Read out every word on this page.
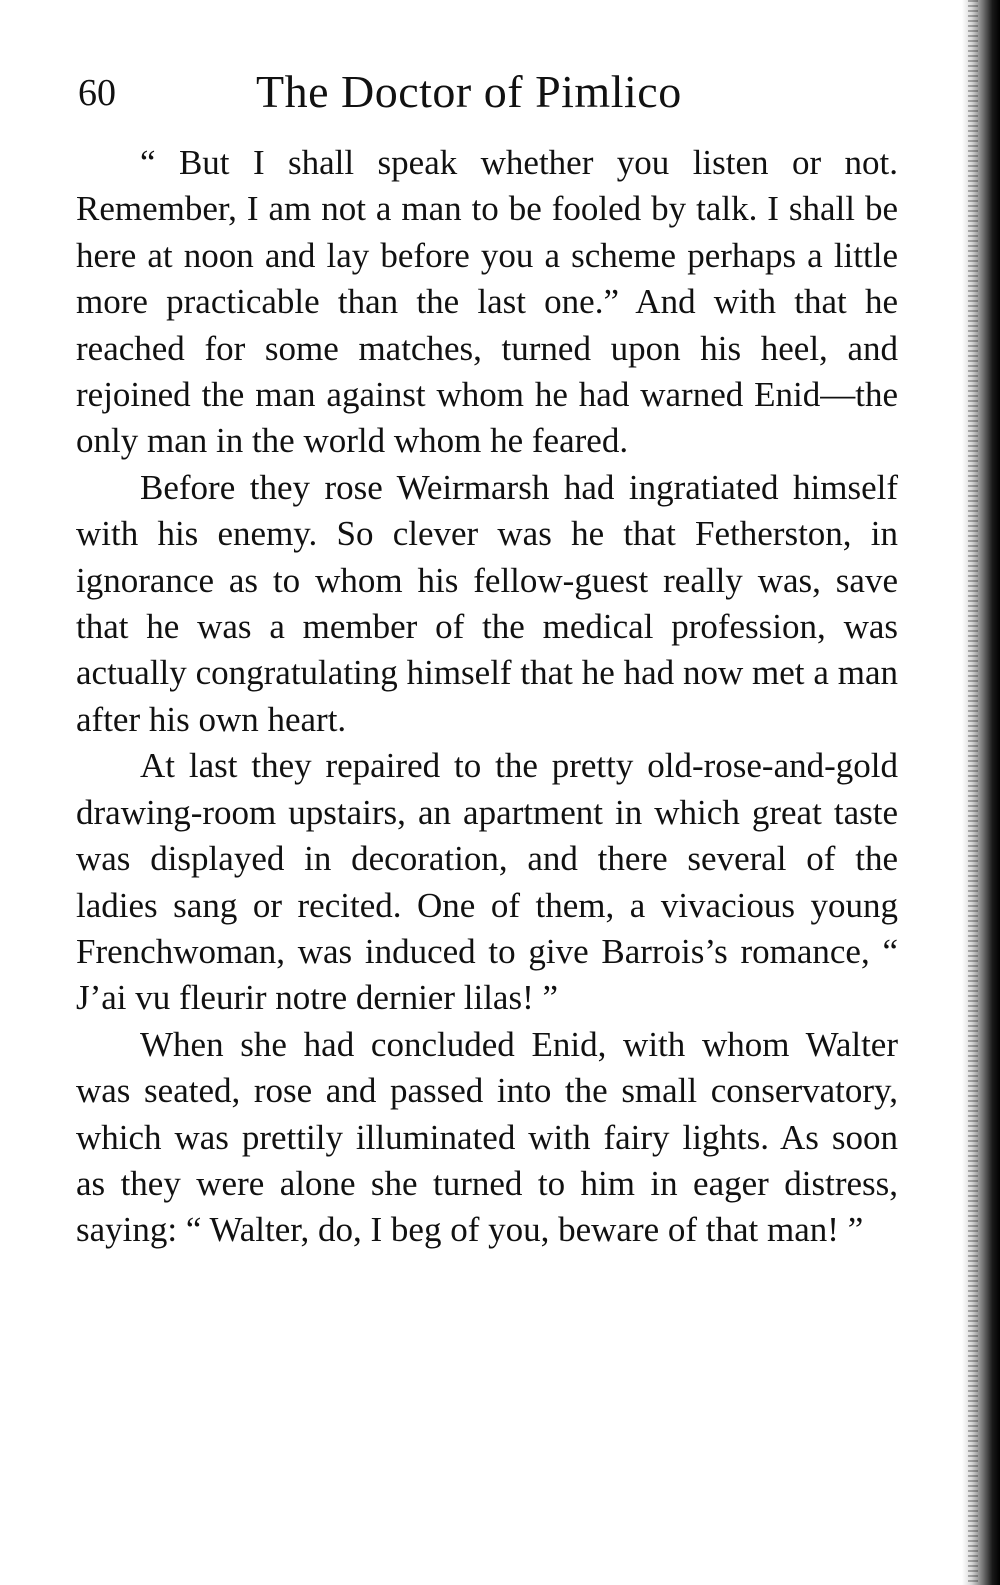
60	The Doctor of Pimlico

“ But I shall speak whether you listen or not. Remember, I am not a man to be fooled by talk. I shall be here at noon and lay before you a scheme perhaps a little more practicable than the last one.” And with that he reached for some matches, turned upon his heel, and rejoined the man against whom he had warned Enid—the only man in the world whom he feared.

Before they rose Weirmarsh had ingratiated himself with his enemy. So clever was he that Fetherston, in ignorance as to whom his fellow-guest really was, save that he was a member of the medical profession, was actually congratulating himself that he had now met a man after his own heart.

At last they repaired to the pretty old-rose-and-gold drawing-room upstairs, an apartment in which great taste was displayed in decoration, and there several of the ladies sang or recited. One of them, a vivacious young Frenchwoman, was induced to give Barrois’s romance, “ J’ai vu fleurir notre dernier lilas! ”

When she had concluded Enid, with whom Walter was seated, rose and passed into the small conservatory, which was prettily illuminated with fairy lights. As soon as they were alone she turned to him in eager distress, saying: “ Walter, do, I beg of you, beware of that man! ”
